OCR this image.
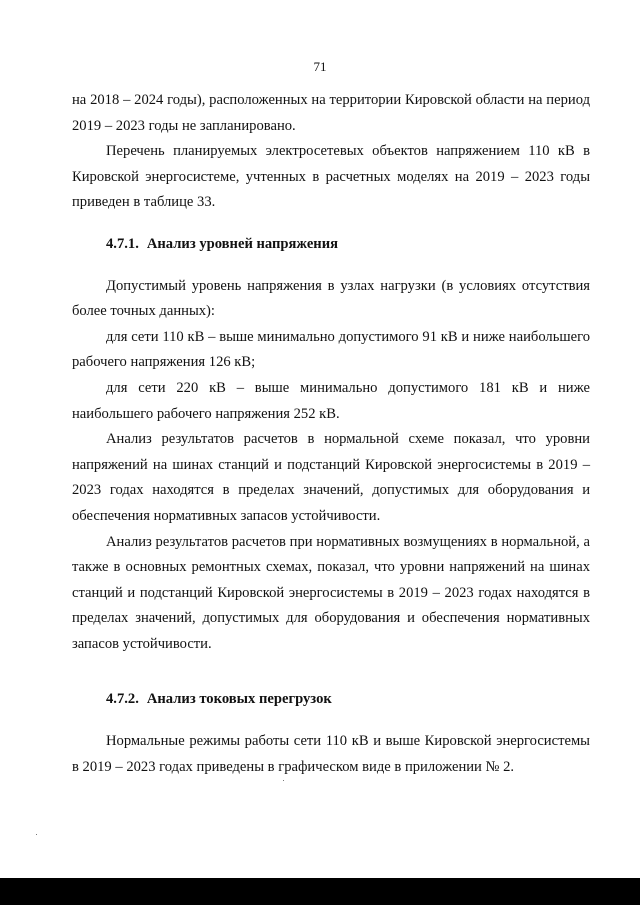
71

на 2018 – 2024 годы), расположенных на территории Кировской области на период 2019 – 2023 годы не запланировано.

Перечень планируемых электросетевых объектов напряжением 110 кВ в Кировской энергосистеме, учтенных в расчетных моделях на 2019 – 2023 годы приведен в таблице 33.

4.7.1. Анализ уровней напряжения

Допустимый уровень напряжения в узлах нагрузки (в условиях отсутствия более точных данных):

для сети 110 кВ – выше минимально допустимого 91 кВ и ниже наибольшего рабочего напряжения 126 кВ;

для сети 220 кВ – выше минимально допустимого 181 кВ и ниже наибольшего рабочего напряжения 252 кВ.

Анализ результатов расчетов в нормальной схеме показал, что уровни напряжений на шинах станций и подстанций Кировской энергосистемы в 2019 – 2023 годах находятся в пределах значений, допустимых для оборудования и обеспечения нормативных запасов устойчивости.

Анализ результатов расчетов при нормативных возмущениях в нормальной, а также в основных ремонтных схемах, показал, что уровни напряжений на шинах станций и подстанций Кировской энергосистемы в 2019 – 2023 годах находятся в пределах значений, допустимых для оборудования и обеспечения нормативных запасов устойчивости.

4.7.2. Анализ токовых перегрузок

Нормальные режимы работы сети 110 кВ и выше Кировской энергосистемы в 2019 – 2023 годах приведены в графическом виде в приложении № 2.
